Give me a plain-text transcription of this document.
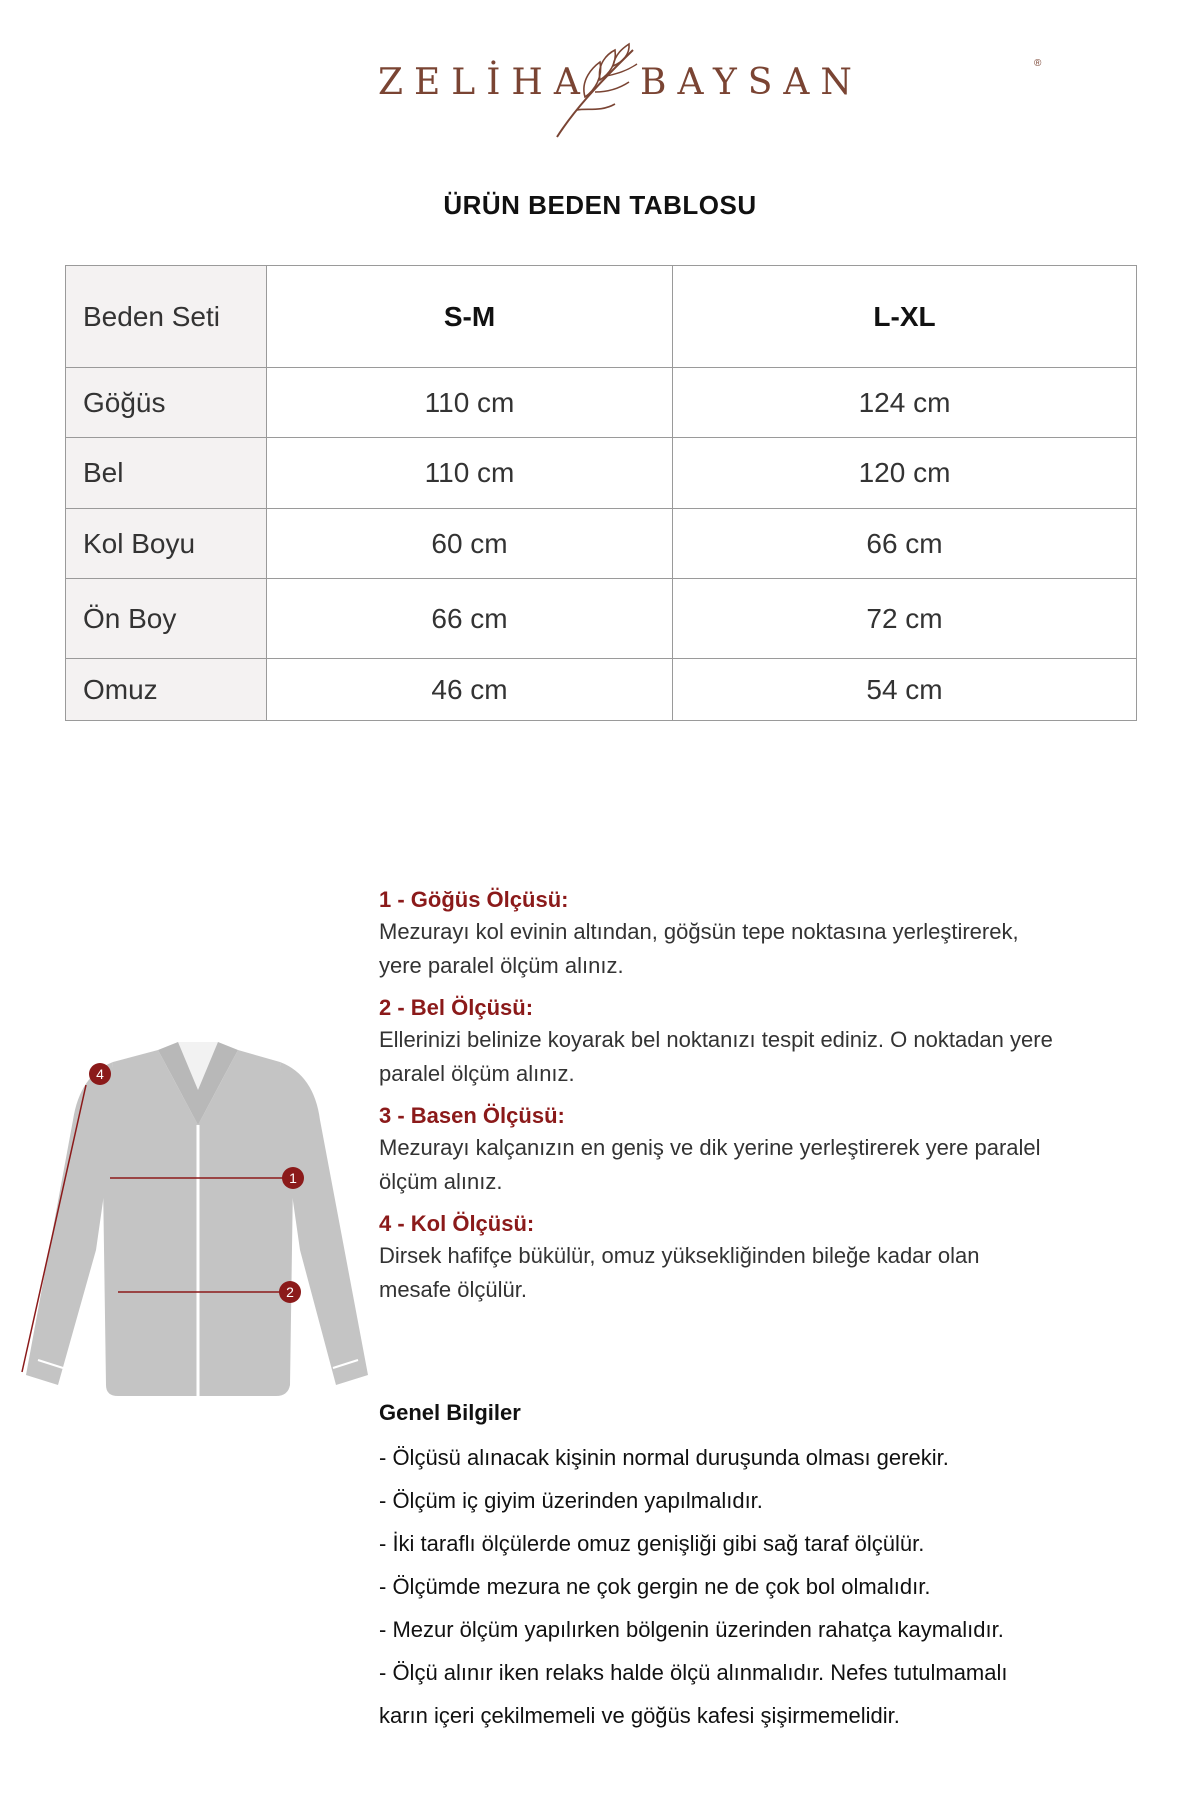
ZELİHA BAYSAN	®
ÜRÜN BEDEN TABLOSU
Beden Seti	S-M	L-XL
Göğüs	110 cm	124 cm
Bel	110 cm	120 cm
Kol Boyu	60 cm	66 cm
Ön Boy	66 cm	72 cm
Omuz	46 cm	54 cm
1
2
4
1 - Göğüs Ölçüsü:
Mezurayı kol evinin altından, göğsün tepe noktasına yerleştirerek,
yere paralel ölçüm alınız.
2 - Bel Ölçüsü:
Ellerinizi belinize koyarak bel noktanızı tespit ediniz. O noktadan yere
paralel ölçüm alınız.
3 - Basen Ölçüsü:
Mezurayı kalçanızın en geniş ve dik yerine yerleştirerek yere paralel
ölçüm alınız.
4 - Kol Ölçüsü:
Dirsek hafifçe bükülür, omuz yüksekliğinden bileğe kadar olan
mesafe ölçülür.
Genel Bilgiler
- Ölçüsü alınacak kişinin normal duruşunda olması gerekir.
- Ölçüm iç giyim üzerinden yapılmalıdır.
- İki taraflı ölçülerde omuz genişliği gibi sağ taraf ölçülür.
- Ölçümde mezura ne çok gergin ne de çok bol olmalıdır.
- Mezur ölçüm yapılırken bölgenin üzerinden rahatça kaymalıdır.
- Ölçü alınır iken relaks halde ölçü alınmalıdır. Nefes tutulmamalı
karın içeri çekilmemeli ve göğüs kafesi şişirmemelidir.
